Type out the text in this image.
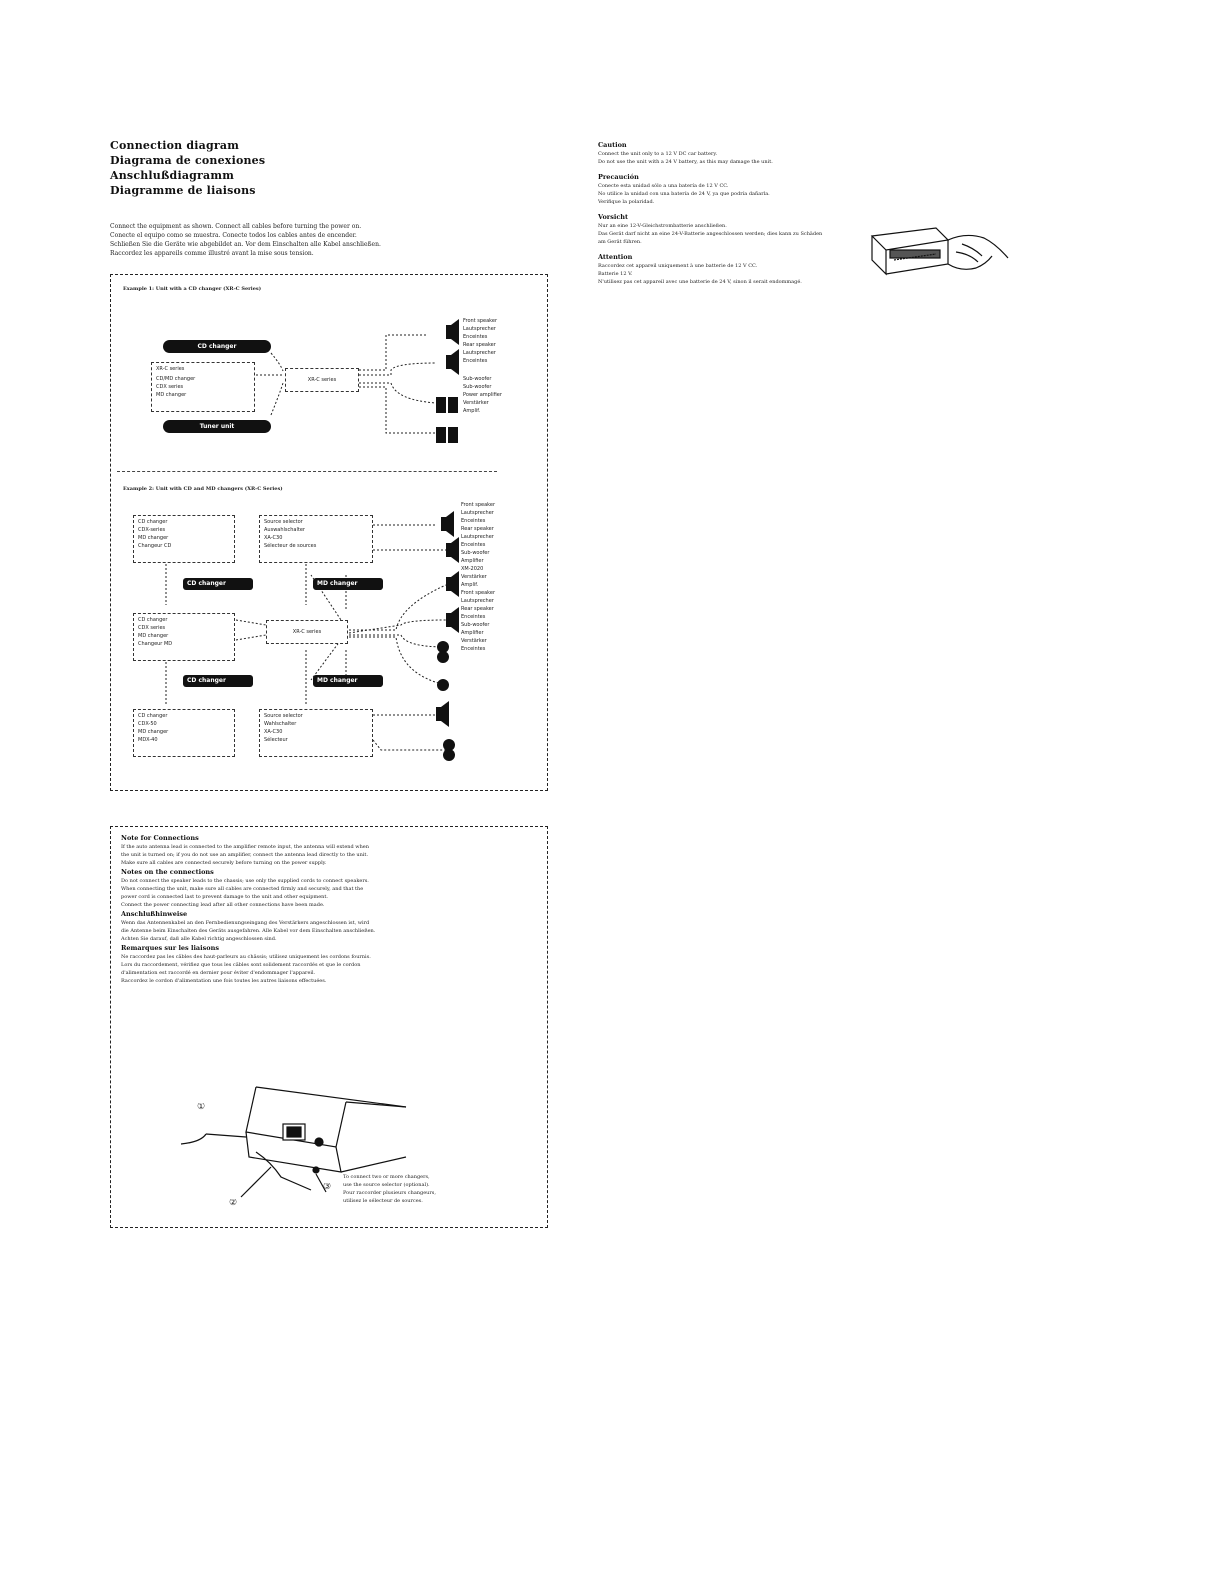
Connection diagram
Diagrama de conexiones
Anschlußdiagramm
Diagramme de liaisons
Connect the equipment as shown. Connect all cables before turning the power on.
Conecte el equipo como se muestra. Conecte todos los cables antes de encender.
Schließen Sie die Geräte wie abgebildet an. Vor dem Einschalten alle Kabel anschließen.
Raccordez les appareils comme illustré avant la mise sous tension.
Example 1: Unit with a CD changer (XR-C Series)
CD changer
XR-C series
CD/MD changer
CDX series
MD changer
Tuner unit
XR-C series
Front speaker
Lautsprecher
Enceintes
Rear speaker
Lautsprecher
Enceintes
Sub-woofer
Sub-woofer
Power amplifier
Verstärker
Amplif.
Example 2: Unit with CD and MD changers (XR-C Series)
CD changer
CDX-series
MD changer
Changeur CD
Source selector
Auswahlschalter
XA-C30
Sélecteur de sources
CD changer	MD changer
CD changer
CDX series
MD changer
Changeur MD
XR-C series
CD changer	MD changer
CD changer
CDX-50
MD changer
MDX-40
Source selector
Wahlschalter
XA-C30
Sélecteur
Front speaker
Lautsprecher
Enceintes
Rear speaker
Lautsprecher
Enceintes
Sub-woofer
Amplifier
XM-2020
Verstärker
Amplif.
Front speaker
Lautsprecher
Rear speaker
Enceintes
Sub-woofer
Amplifier
Verstärker
Enceintes
Note for Connections
If the auto antenna lead is connected to the amplifier remote input, the antenna will extend when
the unit is turned on; if you do not use an amplifier, connect the antenna lead directly to the unit.
Make sure all cables are connected securely before turning on the power supply.
Notes on the connections
Do not connect the speaker leads to the chassis; use only the supplied cords to connect speakers.
When connecting the unit, make sure all cables are connected firmly and securely, and that the
power cord is connected last to prevent damage to the unit and other equipment.
Connect the power connecting lead after all other connections have been made.
Anschlußhinweise
Wenn das Antennenkabel an den Fernbedienungseingang des Verstärkers angeschlossen ist, wird
die Antenne beim Einschalten des Geräts ausgefahren. Alle Kabel vor dem Einschalten anschließen.
Achten Sie darauf, daß alle Kabel richtig angeschlossen sind.
Remarques sur les liaisons
Ne raccordez pas les câbles des haut-parleurs au châssis; utilisez uniquement les cordons fournis.
Lors du raccordement, vérifiez que tous les câbles sont solidement raccordés et que le cordon
d'alimentation est raccordé en dernier pour éviter d'endommager l'appareil.
Raccordez le cordon d'alimentation une fois toutes les autres liaisons effectuées.
①
②
③
To connect two or more changers,
use the source selector (optional).
Pour raccorder plusieurs changeurs,
utilisez le sélecteur de sources.
Caution
Connect the unit only to a 12 V DC car battery.
Do not use the unit with a 24 V battery, as this may damage the unit.
Precaución
Conecte esta unidad sólo a una batería de 12 V CC.
No utilice la unidad con una batería de 24 V, ya que podría dañarla.
Verifique la polaridad.
Vorsicht
Nur an eine 12-V-Gleichstrombatterie anschließen.
Das Gerät darf nicht an eine 24-V-Batterie angeschlossen werden; dies kann zu Schäden
am Gerät führen.
Attention
Raccordez cet appareil uniquement à une batterie de 12 V CC.
Batterie 12 V.
N'utilisez pas cet appareil avec une batterie de 24 V, sinon il serait endommagé.
